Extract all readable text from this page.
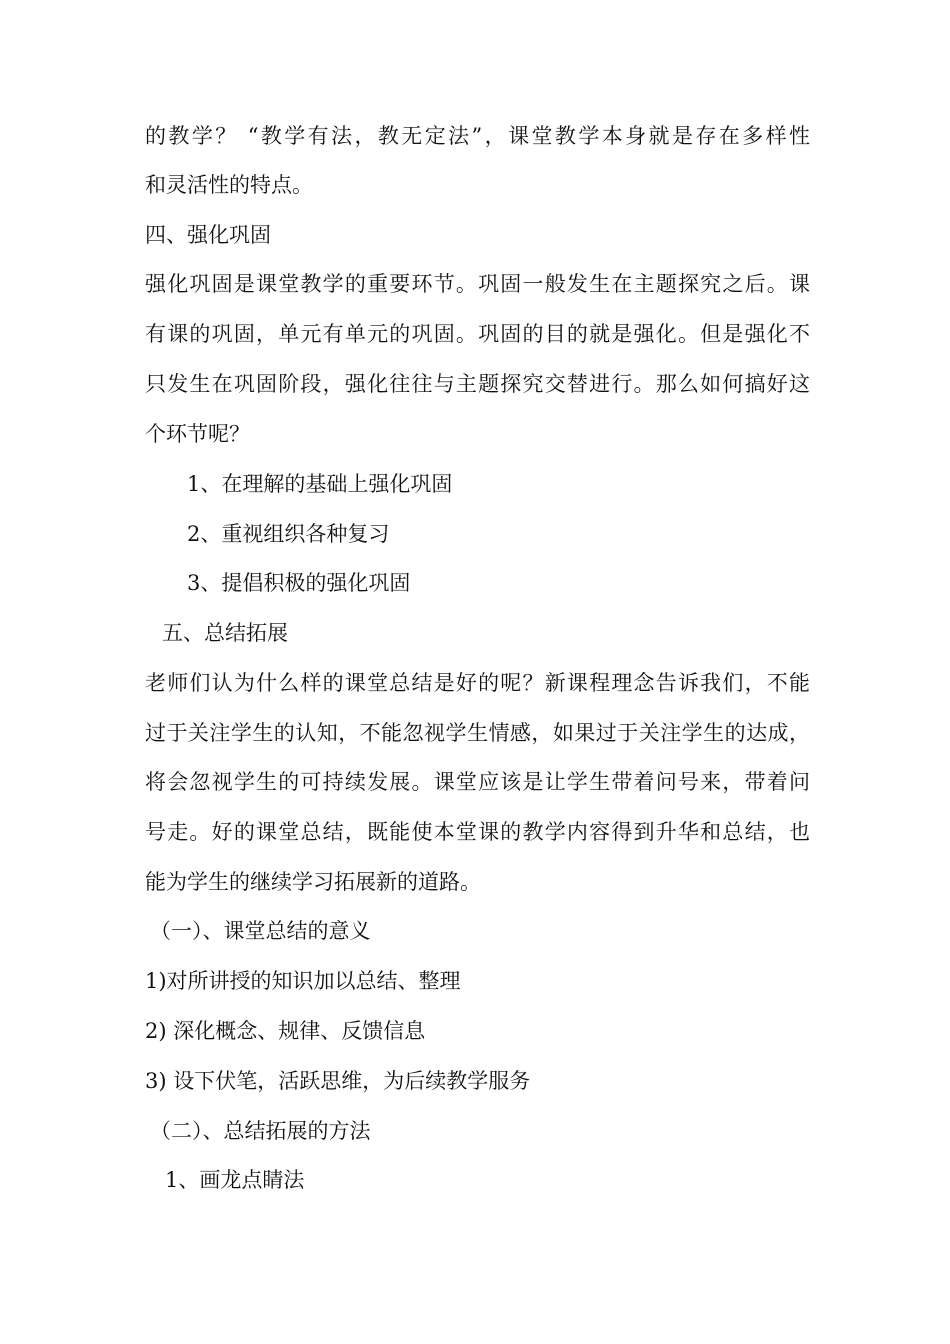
的教学？ “教学有法，教无定法”，课堂教学本身就是存在多样性
和灵活性的特点。
四、强化巩固
强化巩固是课堂教学的重要环节。巩固一般发生在主题探究之后。课
有课的巩固，单元有单元的巩固。巩固的目的就是强化。但是强化不
只发生在巩固阶段，强化往往与主题探究交替进行。那么如何搞好这
个环节呢？
1、在理解的基础上强化巩固
2、重视组织各种复习
3、提倡积极的强化巩固
五、总结拓展
老师们认为什么样的课堂总结是好的呢？新课程理念告诉我们，不能
过于关注学生的认知，不能忽视学生情感，如果过于关注学生的达成，
将会忽视学生的可持续发展。课堂应该是让学生带着问号来，带着问
号走。好的课堂总结，既能使本堂课的教学内容得到升华和总结，也
能为学生的继续学习拓展新的道路。
（一）、课堂总结的意义
1)对所讲授的知识加以总结、整理
2) 深化概念、规律、反馈信息
3) 设下伏笔，活跃思维，为后续教学服务
（二）、总结拓展的方法
1、画龙点睛法
